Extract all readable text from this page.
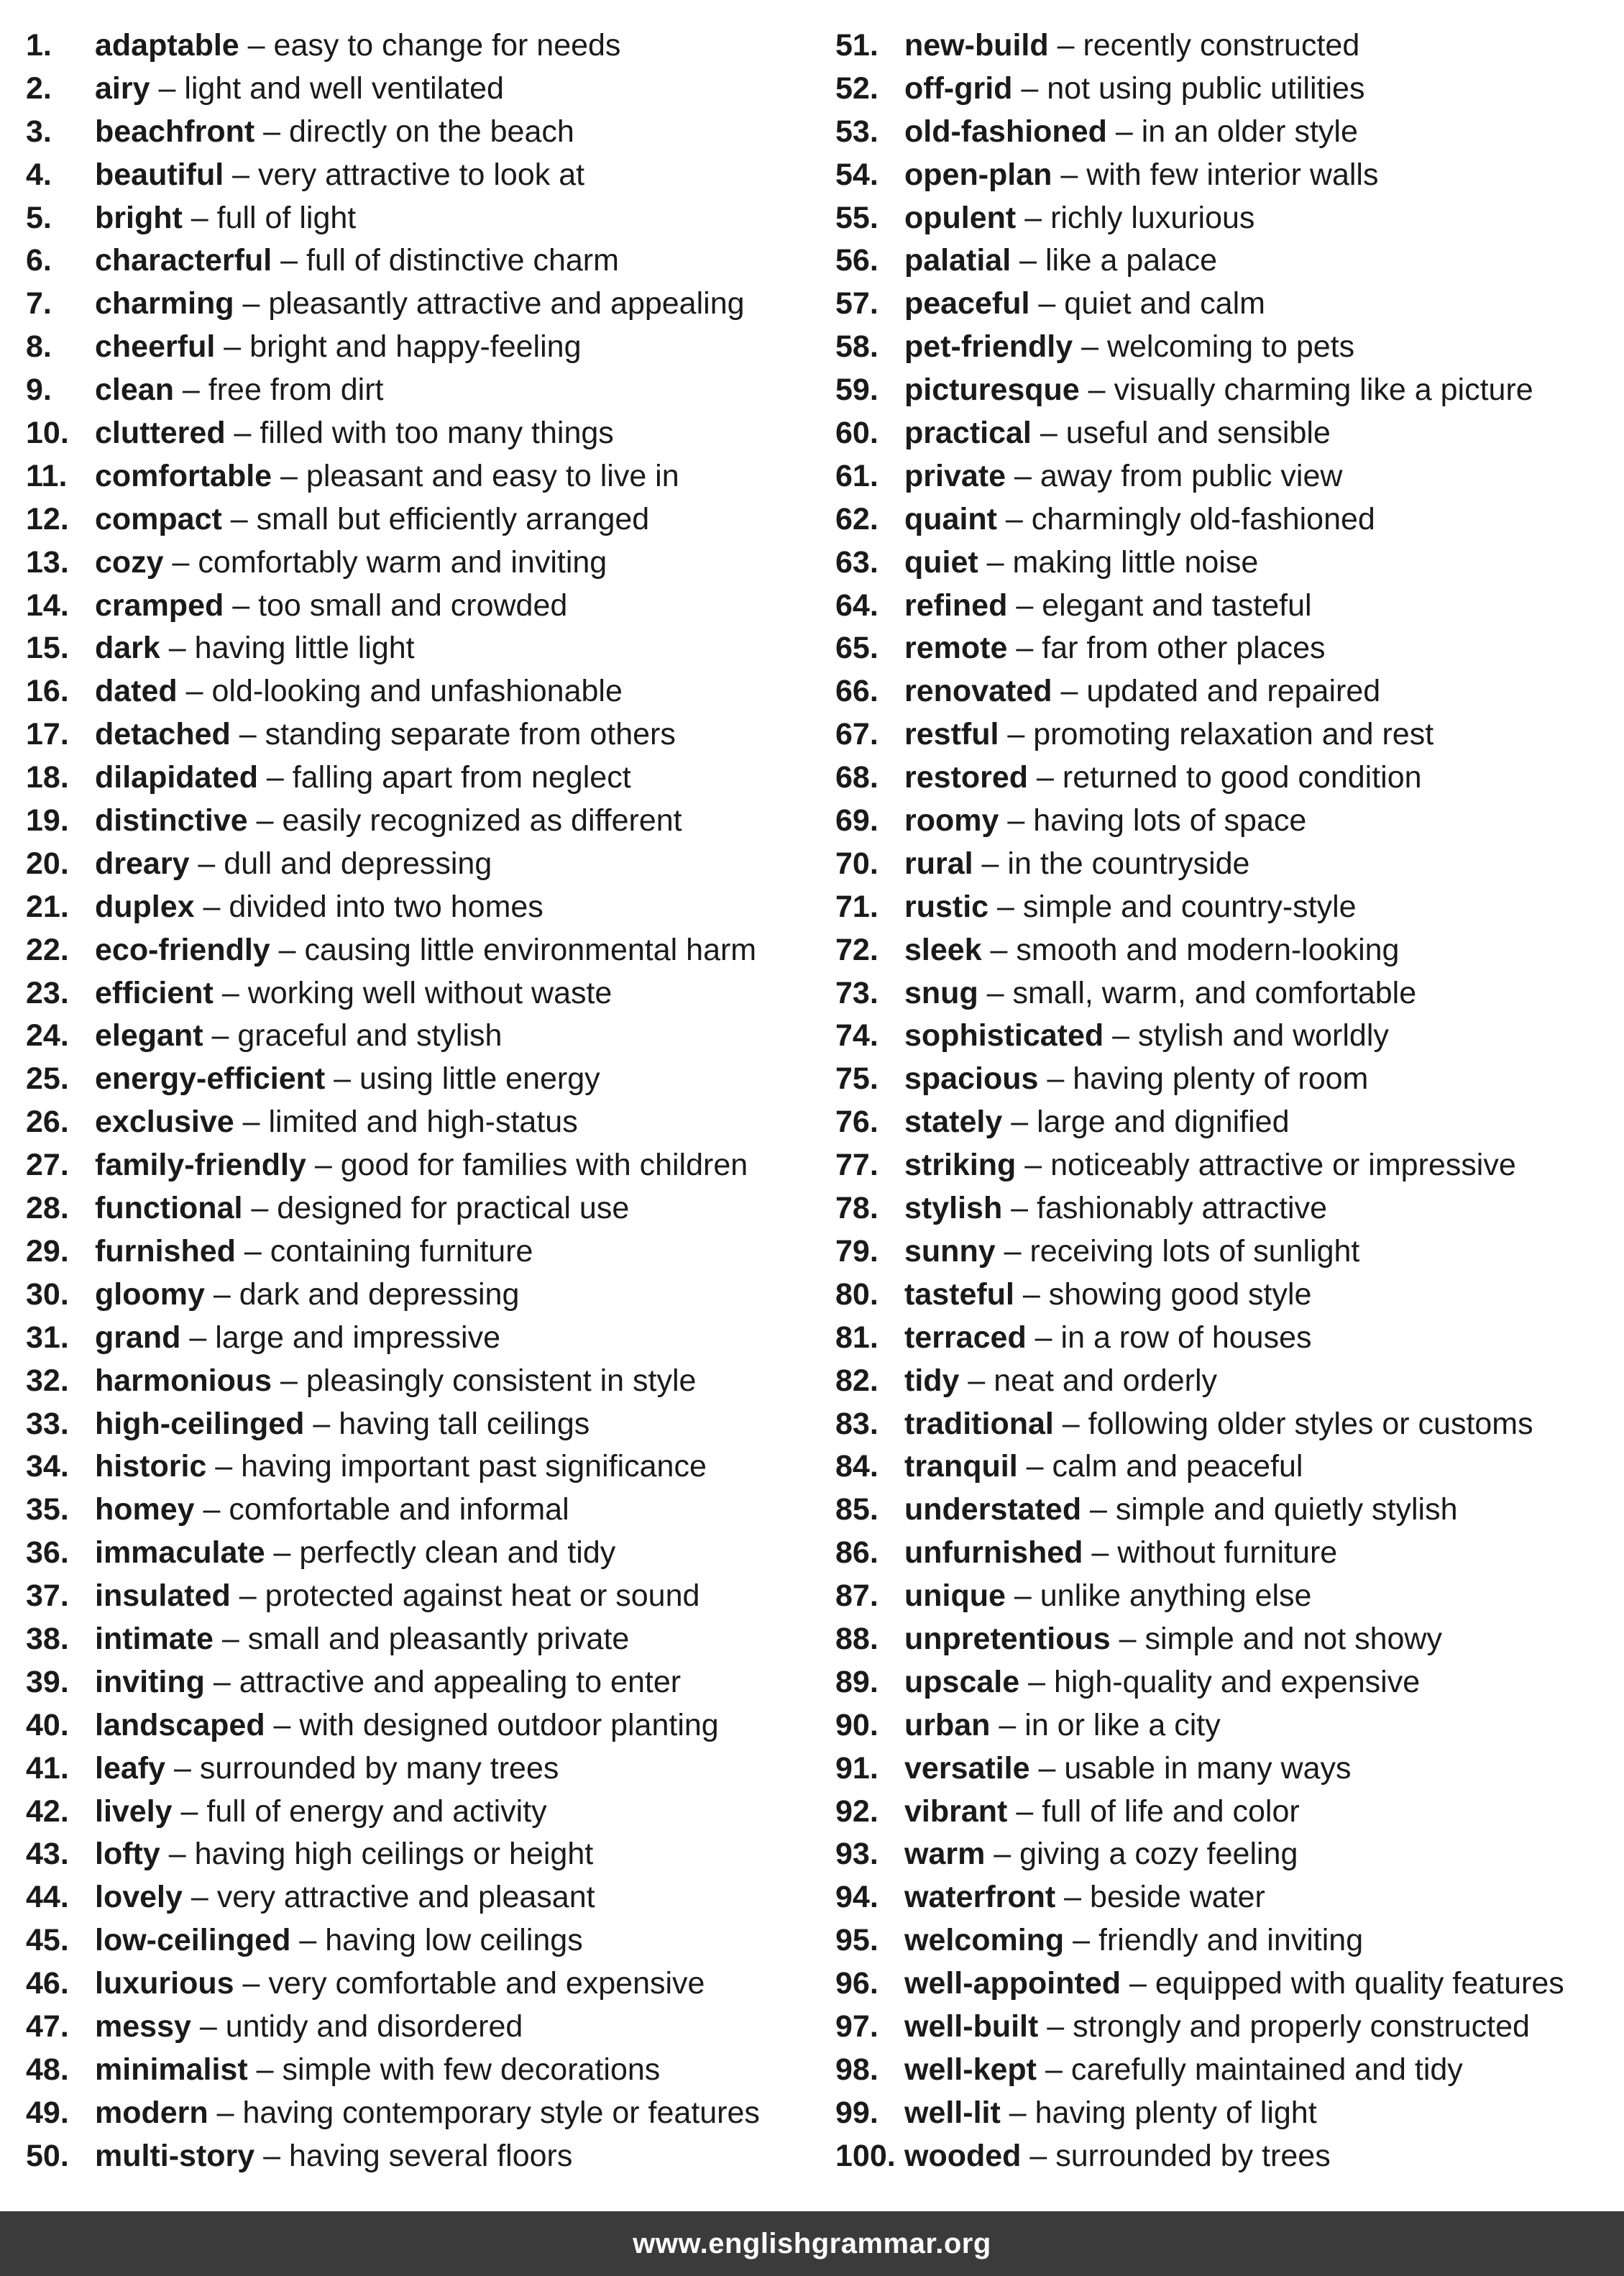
1.	adaptable – easy to change for needs
2.	airy – light and well ventilated
3.	beachfront – directly on the beach
4.	beautiful – very attractive to look at
5.	bright – full of light
6.	characterful – full of distinctive charm
7.	charming – pleasantly attractive and appealing
8.	cheerful – bright and happy-feeling
9.	clean – free from dirt
10. cluttered – filled with too many things
11. comfortable – pleasant and easy to live in
12. compact – small but efficiently arranged
13. cozy – comfortably warm and inviting
14. cramped – too small and crowded
15. dark – having little light
16. dated – old-looking and unfashionable
17. detached – standing separate from others
18. dilapidated – falling apart from neglect
19. distinctive – easily recognized as different
20. dreary – dull and depressing
21. duplex – divided into two homes
22. eco-friendly – causing little environmental harm
23. efficient – working well without waste
24. elegant – graceful and stylish
25. energy-efficient – using little energy
26. exclusive – limited and high-status
27. family-friendly – good for families with children
28. functional – designed for practical use
29. furnished – containing furniture
30. gloomy – dark and depressing
31. grand – large and impressive
32. harmonious – pleasingly consistent in style
33. high-ceilinged – having tall ceilings
34. historic – having important past significance
35. homey – comfortable and informal
36. immaculate – perfectly clean and tidy
37. insulated – protected against heat or sound
38. intimate – small and pleasantly private
39. inviting – attractive and appealing to enter
40. landscaped – with designed outdoor planting
41. leafy – surrounded by many trees
42. lively – full of energy and activity
43. lofty – having high ceilings or height
44. lovely – very attractive and pleasant
45. low-ceilinged – having low ceilings
46. luxurious – very comfortable and expensive
47. messy – untidy and disordered
48. minimalist – simple with few decorations
49. modern – having contemporary style or features
50. multi-story – having several floors
51. new-build – recently constructed
52. off-grid – not using public utilities
53. old-fashioned – in an older style
54. open-plan – with few interior walls
55. opulent – richly luxurious
56. palatial – like a palace
57. peaceful – quiet and calm
58. pet-friendly – welcoming to pets
59. picturesque – visually charming like a picture
60. practical – useful and sensible
61. private – away from public view
62. quaint – charmingly old-fashioned
63. quiet – making little noise
64. refined – elegant and tasteful
65. remote – far from other places
66. renovated – updated and repaired
67. restful – promoting relaxation and rest
68. restored – returned to good condition
69. roomy – having lots of space
70. rural – in the countryside
71. rustic – simple and country-style
72. sleek – smooth and modern-looking
73. snug – small, warm, and comfortable
74. sophisticated – stylish and worldly
75. spacious – having plenty of room
76. stately – large and dignified
77. striking – noticeably attractive or impressive
78. stylish – fashionably attractive
79. sunny – receiving lots of sunlight
80. tasteful – showing good style
81. terraced – in a row of houses
82. tidy – neat and orderly
83. traditional – following older styles or customs
84. tranquil – calm and peaceful
85. understated – simple and quietly stylish
86. unfurnished – without furniture
87. unique – unlike anything else
88. unpretentious – simple and not showy
89. upscale – high-quality and expensive
90. urban – in or like a city
91. versatile – usable in many ways
92. vibrant – full of life and color
93. warm – giving a cozy feeling
94. waterfront – beside water
95. welcoming – friendly and inviting
96. well-appointed – equipped with quality features
97. well-built – strongly and properly constructed
98. well-kept – carefully maintained and tidy
99. well-lit – having plenty of light
100. wooded – surrounded by trees
www.englishgrammar.org
